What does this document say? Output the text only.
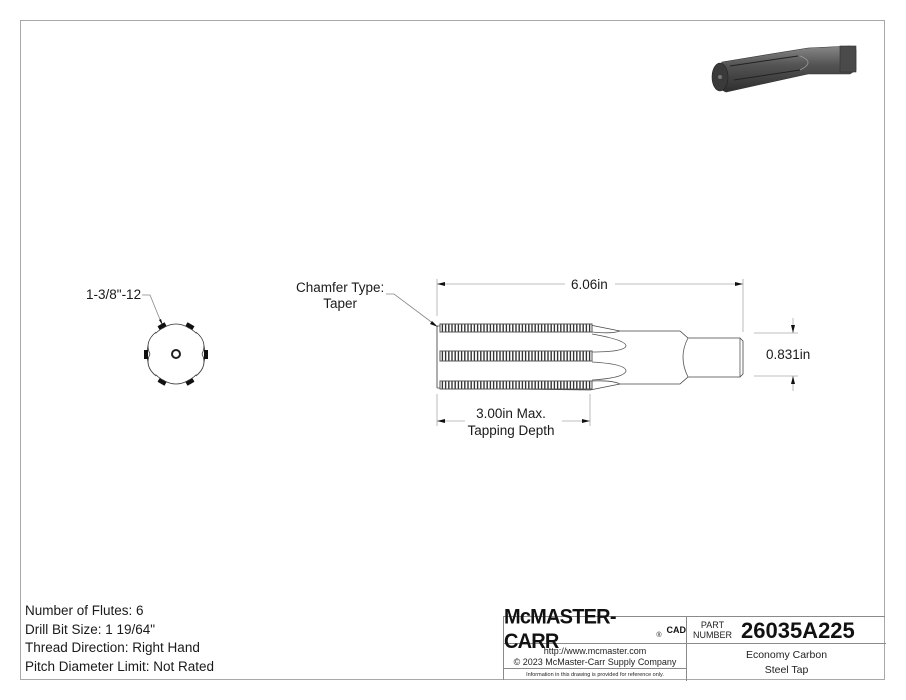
1-3/8"-12	Chamfer Type:
Taper
6.06in
0.831in
3.00in Max.
Tapping Depth
Number of Flutes: 6
Drill Bit Size: 1 19/64"
Thread Direction: Right Hand
Pitch Diameter Limit: Not Rated
McMASTER-CARR	® CAD	PART
NUMBER 26035A225
http://www.mcmaster.com
© 2023 McMaster-Carr Supply Company
Information in this drawing is provided for reference only.
Economy Carbon
Steel Tap
